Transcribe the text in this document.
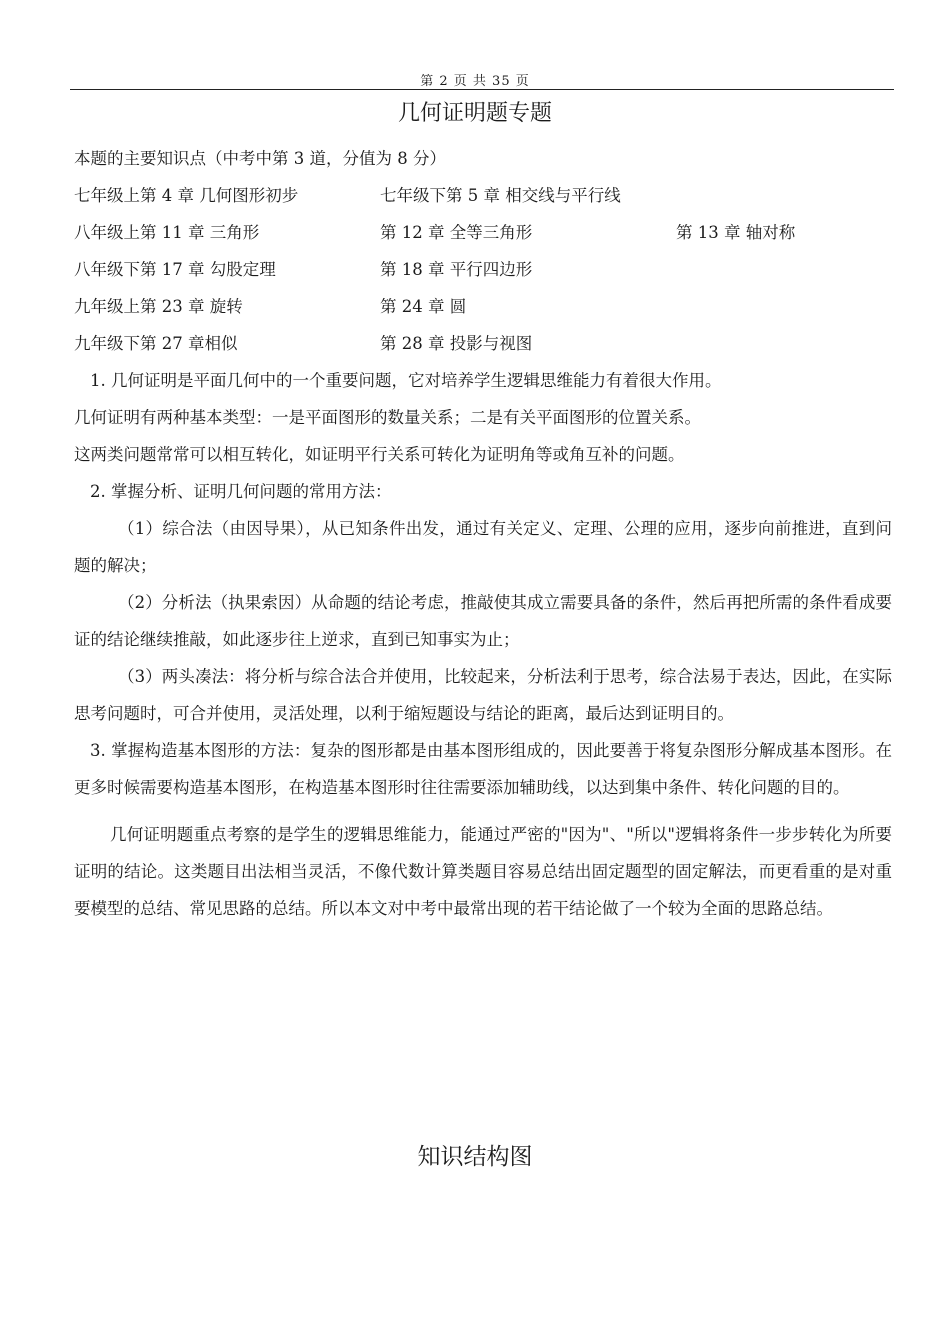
第 2 页 共 35 页
几何证明题专题

本题的主要知识点（中考中第 3 道，分值为 8 分）

七年级上第 4 章 几何图形初步	七年级下第 5 章 相交线与平行线
八年级上第 11 章 三角形	第 12 章 全等三角形	第 13 章 轴对称
八年级下第 17 章 勾股定理	第 18 章 平行四边形
九年级上第 23 章 旋转	第 24 章 圆
九年级下第 27 章相似	第 28 章 投影与视图

1. 几何证明是平面几何中的一个重要问题，它对培养学生逻辑思维能力有着很大作用。

几何证明有两种基本类型：一是平面图形的数量关系；二是有关平面图形的位置关系。

这两类问题常常可以相互转化，如证明平行关系可转化为证明角等或角互补的问题。

2. 掌握分析、证明几何问题的常用方法：

（1）综合法（由因导果），从已知条件出发，通过有关定义、定理、公理的应用，逐步向前推进，直到问题的解决；

（2）分析法（执果索因）从命题的结论考虑，推敲使其成立需要具备的条件，然后再把所需的条件看成要证的结论继续推敲，如此逐步往上逆求，直到已知事实为止；

（3）两头凑法：将分析与综合法合并使用，比较起来，分析法利于思考，综合法易于表达，因此，在实际思考问题时，可合并使用，灵活处理，以利于缩短题设与结论的距离，最后达到证明目的。

3. 掌握构造基本图形的方法：复杂的图形都是由基本图形组成的，因此要善于将复杂图形分解成基本图形。在更多时候需要构造基本图形，在构造基本图形时往往需要添加辅助线，以达到集中条件、转化问题的目的。

几何证明题重点考察的是学生的逻辑思维能力，能通过严密的"因为"、"所以"逻辑将条件一步步转化为所要证明的结论。这类题目出法相当灵活，不像代数计算类题目容易总结出固定题型的固定解法，而更看重的是对重要模型的总结、常见思路的总结。所以本文对中考中最常出现的若干结论做了一个较为全面的思路总结。

知识结构图
